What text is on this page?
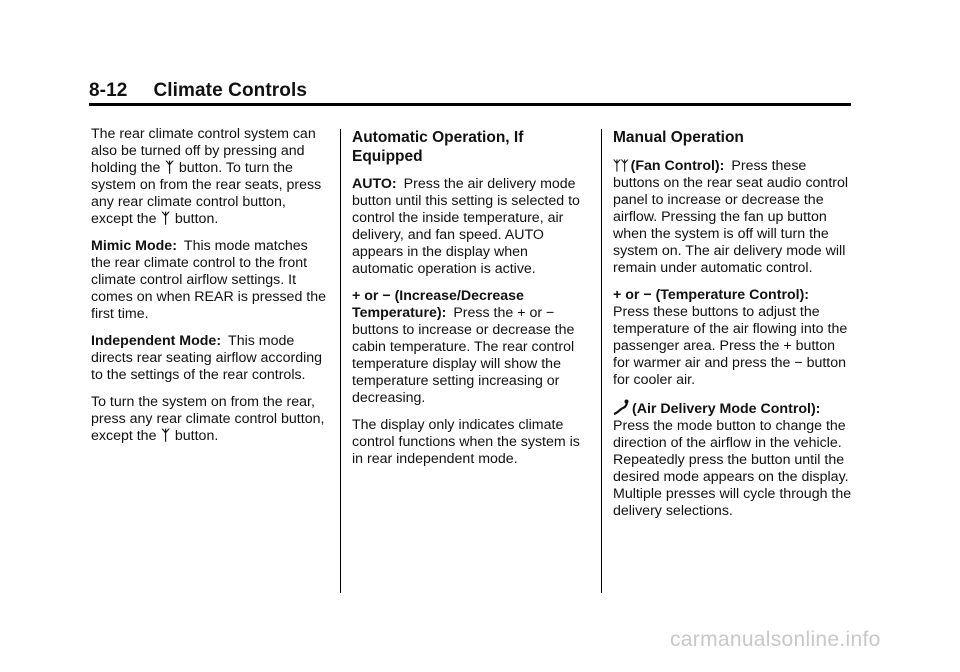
8-12 Climate Controls

The rear climate control system can also be turned off by pressing and holding the ᛉ button. To turn the system on from the rear seats, press any rear climate control button, except the ᛉ button.

Mimic Mode: This mode matches the rear climate control to the front climate control airflow settings. It comes on when REAR is pressed the first time.

Independent Mode: This mode directs rear seating airflow according to the settings of the rear controls.

To turn the system on from the rear, press any rear climate control button, except the ᛉ button.

Automatic Operation, If Equipped

AUTO: Press the air delivery mode button until this setting is selected to control the inside temperature, air delivery, and fan speed. AUTO appears in the display when automatic operation is active.

+ or − (Increase/Decrease Temperature): Press the + or − buttons to increase or decrease the cabin temperature. The rear control temperature display will show the temperature setting increasing or decreasing.

The display only indicates climate control functions when the system is in rear independent mode.

Manual Operation

ᛉᛉ (Fan Control): Press these buttons on the rear seat audio control panel to increase or decrease the airflow. Pressing the fan up button when the system is off will turn the system on. The air delivery mode will remain under automatic control.

+ or − (Temperature Control):
Press these buttons to adjust the temperature of the air flowing into the passenger area. Press the + button for warmer air and press the − button for cooler air.

(Air Delivery Mode Control):
Press the mode button to change the direction of the airflow in the vehicle. Repeatedly press the button until the desired mode appears on the display. Multiple presses will cycle through the delivery selections.

carmanualsonline.info
